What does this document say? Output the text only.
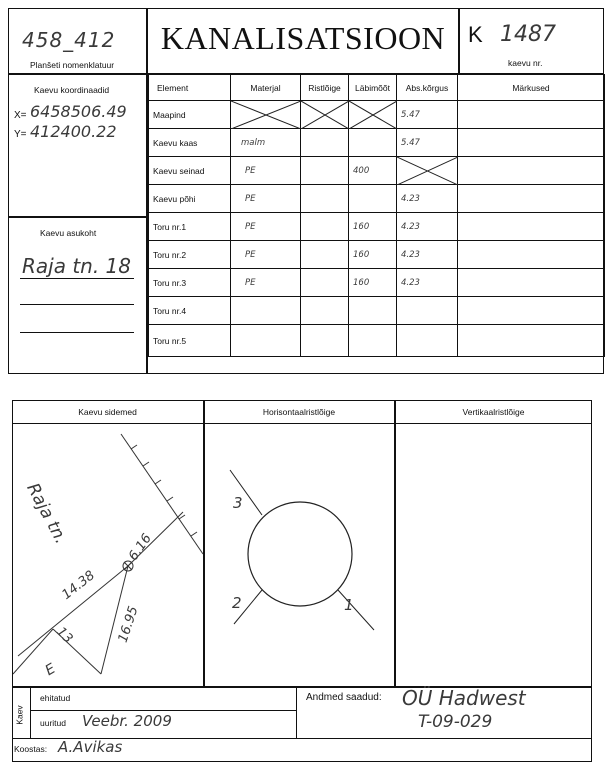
458_412
Planšeti nomenklatuur
KANALISATSIOON	K 1487
kaevu nr.
Kaevu koordinaadid
X= 6458506.49
Y= 412400.22
Kaevu asukoht
Raja tn. 18
Element	Materjal	Ristlõige	Läbimõõt	Abs.kõrgus	Märkused
Maapind				5.47	
Kaevu kaas	malm			5.47	
Kaevu seinad	PE		400	

Kaevu põhi	PE			4.23	
Toru nr.1	PE		160	4.23	
Toru nr.2	PE		160	4.23	
Toru nr.3	PE		160	4.23	
Toru nr.4					
Toru nr.5					
Kaevu sidemed	Horisontaalristlõige	Vertikaalristlõige
Raja tn.
6.16
14.38
16.95
13
E
3
2	1
Kaev
ehitatud
uuritud Veebr. 2009
Andmed saadud: OÜ Hadwest
T-09-029
Koostas: A.Avikas
